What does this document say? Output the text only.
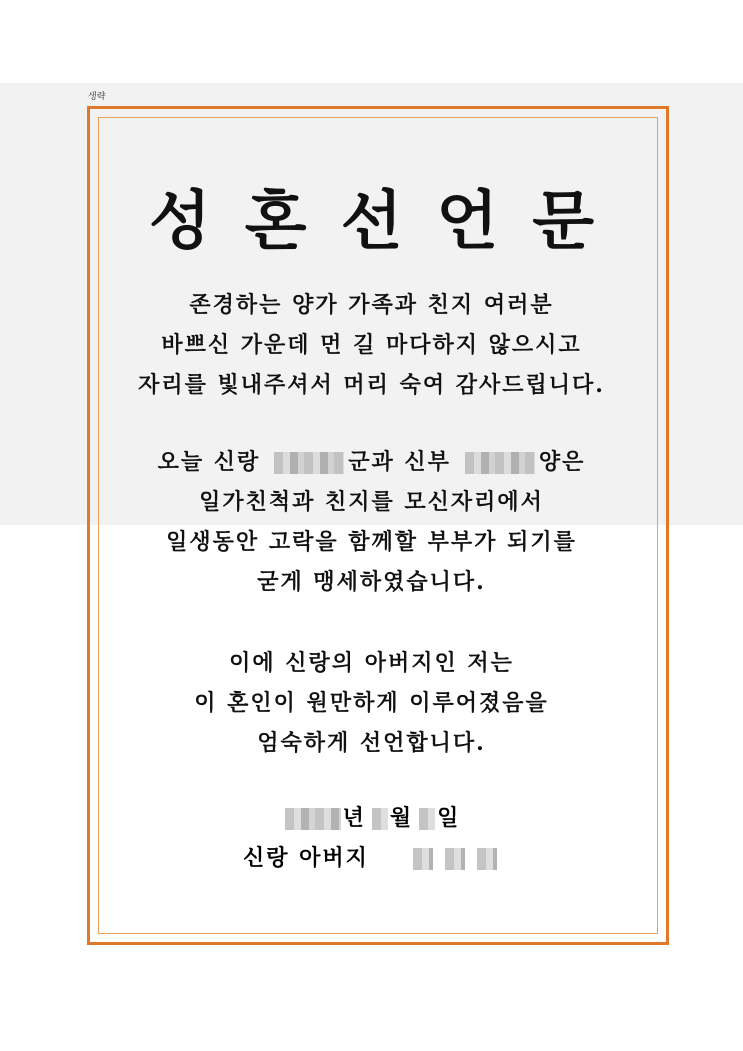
생략
성혼선언문
존경하는 양가 가족과 친지 여러분
바쁘신 가운데 먼 길 마다하지 않으시고
자리를 빛내주셔서 머리 숙여 감사드립니다.
오늘 신랑	군과 신부	양은
일가친척과 친지를 모신자리에서
일생동안 고락을 함께할 부부가 되기를
굳게 맹세하였습니다.
이에 신랑의 아버지인 저는
이 혼인이 원만하게 이루어졌음을
엄숙하게 선언합니다.
년 월 일
신랑 아버지
